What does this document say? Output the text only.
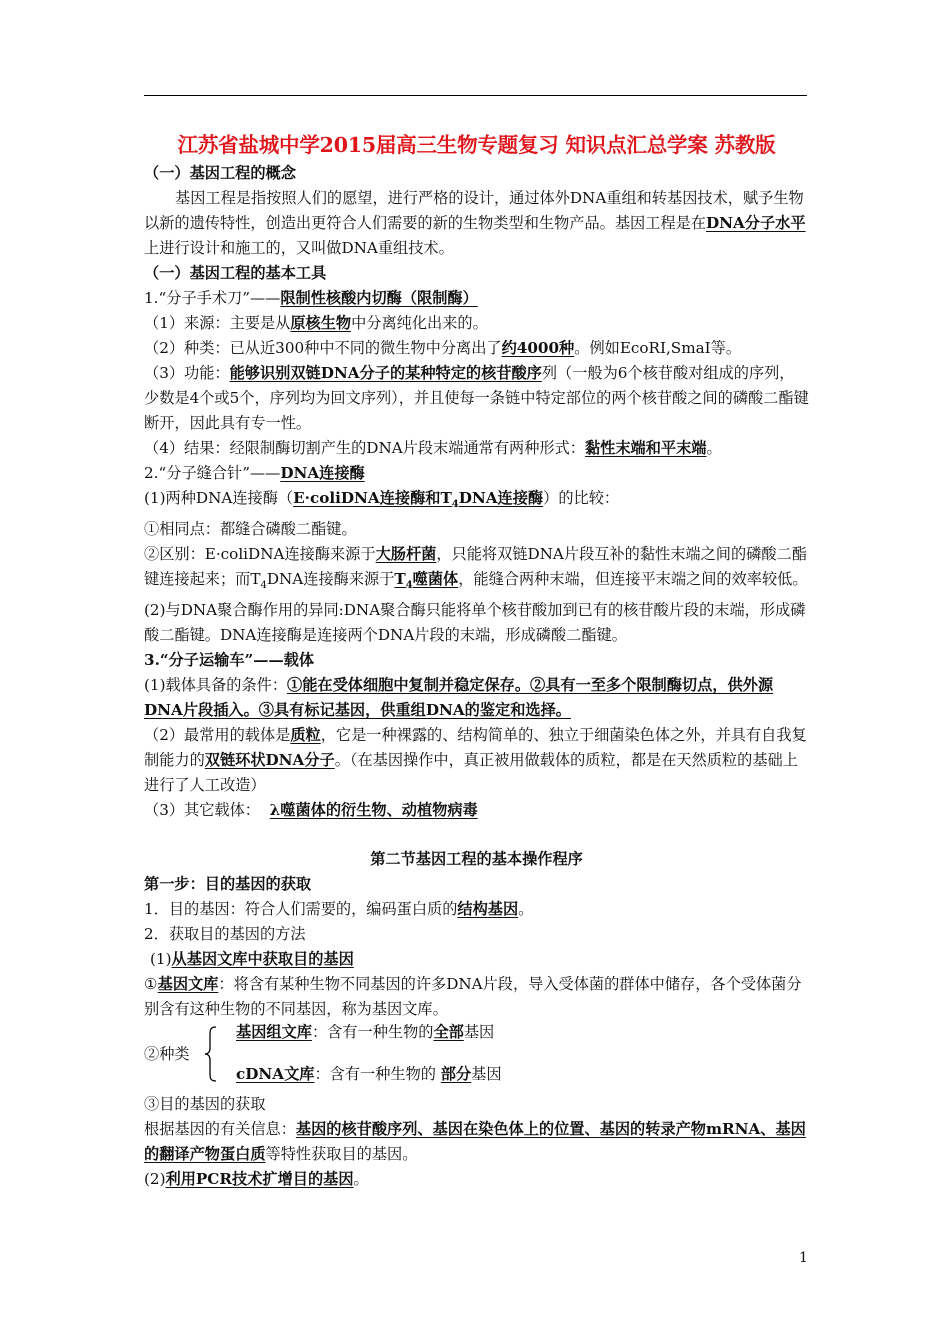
江苏省盐城中学2015届高三生物专题复习 知识点汇总学案 苏教版

（一）基因工程的概念

基因工程是指按照人们的愿望，进行严格的设计，通过体外DNA重组和转基因技术，赋予生物以新的遗传特性，创造出更符合人们需要的新的生物类型和生物产品。基因工程是在DNA分子水平上进行设计和施工的，又叫做DNA重组技术。

（一）基因工程的基本工具

1.“分子手术刀”——限制性核酸内切酶（限制酶）

（1）来源：主要是从原核生物中分离纯化出来的。

（2）种类：已从近300种中不同的微生物中分离出了约4000种。例如EcoRI,SmaI等。

（3）功能：能够识别双链DNA分子的某种特定的核苷酸序列（一般为6个核苷酸对组成的序列，少数是4个或5个，序列均为回文序列），并且使每一条链中特定部位的两个核苷酸之间的磷酸二酯键断开，因此具有专一性。

（4）结果：经限制酶切割产生的DNA片段末端通常有两种形式：黏性末端和平末端。

2.“分子缝合针”——DNA连接酶

(1)两种DNA连接酶（E·coliDNA连接酶和$T_4DNA$连接酶）的比较：

①相同点：都缝合磷酸二酯键。

②区别：E·coliDNA连接酶来源于大肠杆菌，只能将双链DNA片段互补的黏性末端之间的磷酸二酯键连接起来；而$T_4DNA$连接酶来源于$T_4$噬菌体，能缝合两种末端，但连接平末端之间的效率较低。

(2)与DNA聚合酶作用的异同:DNA聚合酶只能将单个核苷酸加到已有的核苷酸片段的末端，形成磷酸二酯键。DNA连接酶是连接两个DNA片段的末端，形成磷酸二酯键。

3.“分子运输车”——载体

(1)载体具备的条件：①能在受体细胞中复制并稳定保存。②具有一至多个限制酶切点，供外源DNA片段插入。③具有标记基因，供重组DNA的鉴定和选择。

（2）最常用的载体是质粒，它是一种裸露的、结构简单的、独立于细菌染色体之外，并具有自我复制能力的双链环状DNA分子。（在基因操作中，真正被用做载体的质粒，都是在天然质粒的基础上进行了人工改造）

（3）其它载体：  λ噬菌体的衍生物、动植物病毒

第二节基因工程的基本操作程序

第一步：目的基因的获取

1．目的基因：符合人们需要的，编码蛋白质的结构基因。

2．获取目的基因的方法

(1)从基因文库中获取目的基因

①基因文库：将含有某种生物不同基因的许多DNA片段，导入受体菌的群体中储存，各个受体菌分别含有这种生物的不同基因，称为基因文库。

②种类

基因组文库：含有一种生物的全部基因

cDNA文库：含有一种生物的 部分基因

③目的基因的获取

根据基因的有关信息：基因的核苷酸序列、基因在染色体上的位置、基因的转录产物mRNA、基因的翻译产物蛋白质等特性获取目的基因。

(2)利用PCR技术扩增目的基因。

1
